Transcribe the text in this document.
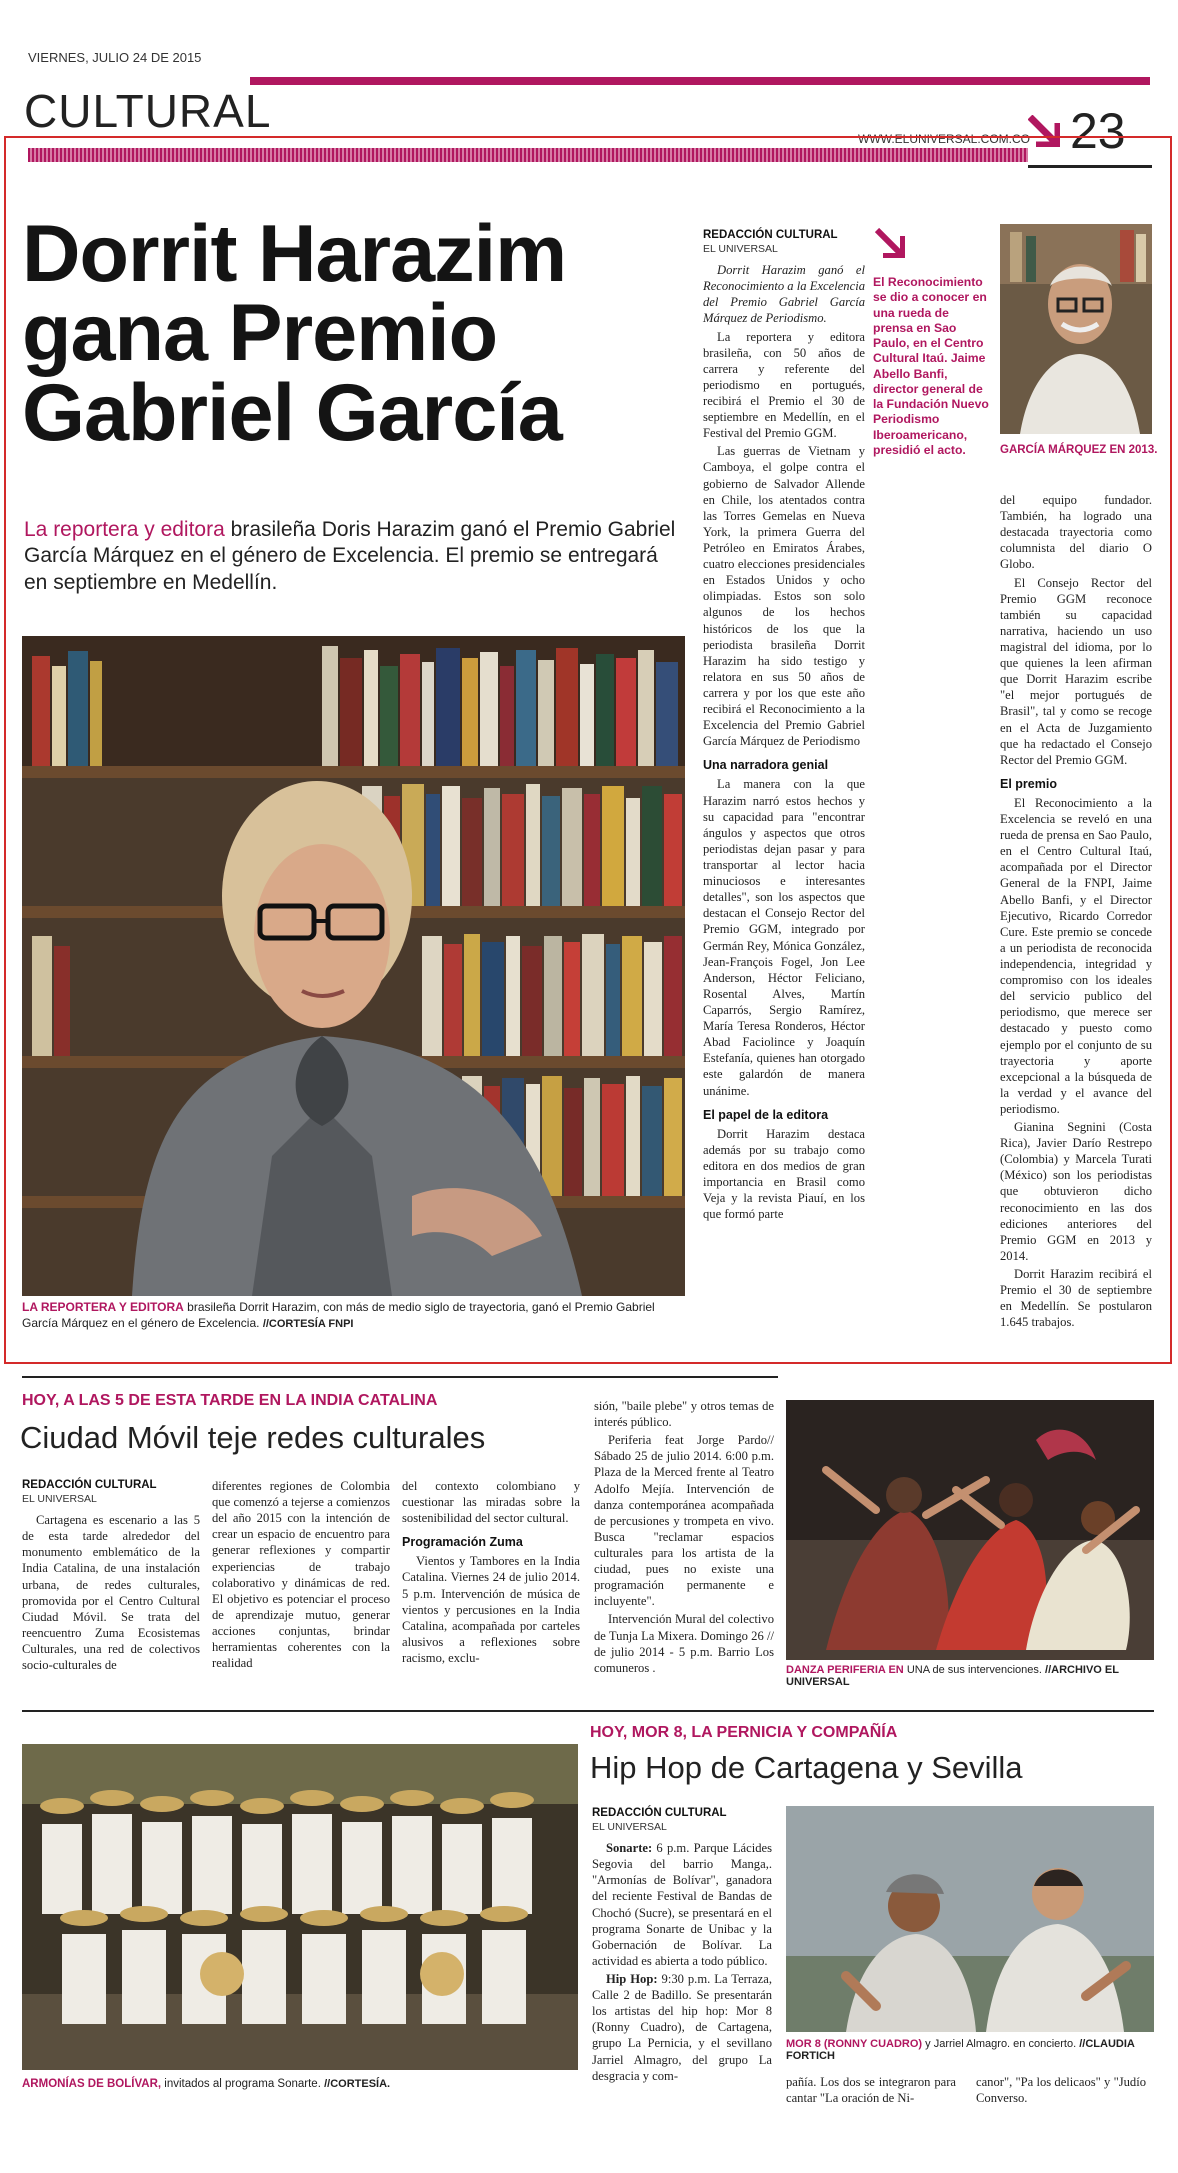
VIERNES, JULIO 24 DE 2015
CULTURAL
WWW.ELUNIVERSAL.COM.CO 23
Dorrit Harazim gana Premio Gabriel García
La reportera y editora brasileña Doris Harazim ganó el Premio Gabriel García Márquez en el género de Excelencia. El premio se entregará en septiembre en Medellín.
LA REPORTERA Y EDITORA brasileña Dorrit Harazim, con más de medio siglo de trayectoria, ganó el Premio Gabriel García Márquez en el género de Excelencia. //CORTESÍA FNPI
REDACCIÓN CULTURAL
EL UNIVERSAL

Dorrit Harazim ganó el Reconocimiento a la Excelencia del Premio Gabriel García Márquez de Periodismo.

La reportera y editora brasileña, con 50 años de carrera y referente del periodismo en portugués, recibirá el Premio el 30 de septiembre en Medellín, en el Festival del Premio GGM.

Las guerras de Vietnam y Camboya, el golpe contra el gobierno de Salvador Allende en Chile, los atentados contra las Torres Gemelas en Nueva York, la primera Guerra del Petróleo en Emiratos Árabes, cuatro elecciones presidenciales en Estados Unidos y ocho olimpiadas. Estos son solo algunos de los hechos históricos de los que la periodista brasileña Dorrit Harazim ha sido testigo y relatora en sus 50 años de carrera y por los que este año recibirá el Reconocimiento a la Excelencia del Premio Gabriel García Márquez de Periodismo

Una narradora genial

La manera con la que Harazim narró estos hechos y su capacidad para "encontrar ángulos y aspectos que otros periodistas dejan pasar y para transportar al lector hacia minuciosos e interesantes detalles", son los aspectos que destacan el Consejo Rector del Premio GGM, integrado por Germán Rey, Mónica González, Jean-François Fogel, Jon Lee Anderson, Héctor Feliciano, Rosental Alves, Martín Caparrós, Sergio Ramírez, María Teresa Ronderos, Héctor Abad Faciolince y Joaquín Estefanía, quienes han otorgado este galardón de manera unánime.

El papel de la editora

Dorrit Harazim destaca además por su trabajo como editora en dos medios de gran importancia en Brasil como Veja y la revista Piauí, en los que formó parte

El Reconocimiento se dio a conocer en una rueda de prensa en Sao Paulo, en el Centro Cultural Itaú. Jaime Abello Banfi, director general de la Fundación Nuevo Periodismo Iberoamericano, presidió el acto.	GARCÍA MÁRQUEZ EN 2013.

del equipo fundador. También, ha logrado una destacada trayectoria como columnista del diario O Globo.

El Consejo Rector del Premio GGM reconoce también su capacidad narrativa, haciendo un uso magistral del idioma, por lo que quienes la leen afirman que Dorrit Harazim escribe "el mejor portugués de Brasil", tal y como se recoge en el Acta de Juzgamiento que ha redactado el Consejo Rector del Premio GGM.

El premio

El Reconocimiento a la Excelencia se reveló en una rueda de prensa en Sao Paulo, en el Centro Cultural Itaú, acompañada por el Director General de la FNPI, Jaime Abello Banfi, y el Director Ejecutivo, Ricardo Corredor Cure. Este premio se concede a un periodista de reconocida independencia, integridad y compromiso con los ideales del servicio publico del periodismo, que merece ser destacado y puesto como ejemplo por el conjunto de su trayectoria y aporte excepcional a la búsqueda de la verdad y el avance del periodismo.

Gianina Segnini (Costa Rica), Javier Darío Restrepo (Colombia) y Marcela Turati (México) son los periodistas que obtuvieron dicho reconocimiento en las dos ediciones anteriores del Premio GGM en 2013 y 2014.

Dorrit Harazim recibirá el Premio el 30 de septiembre en Medellín. Se postularon 1.645 trabajos.

HOY, A LAS 5 DE ESTA TARDE EN LA INDIA CATALINA
Ciudad Móvil teje redes culturales
REDACCIÓN CULTURAL
EL UNIVERSAL

Cartagena es escenario a las 5 de esta tarde alrededor del monumento emblemático de la India Catalina, de una instalación urbana, de redes culturales, promovida por el Centro Cultural Ciudad Móvil. Se trata del reencuentro Zuma Ecosistemas Culturales, una red de colectivos socio-culturales de

diferentes regiones de Colombia que comenzó a tejerse a comienzos del año 2015 con la intención de crear un espacio de encuentro para generar reflexiones y compartir experiencias de trabajo colaborativo y dinámicas de red. El objetivo es potenciar el proceso de aprendizaje mutuo, generar acciones conjuntas, brindar herramientas coherentes con la realidad

del contexto colombiano y cuestionar las miradas sobre la sostenibilidad del sector cultural.

Programación Zuma

Vientos y Tambores en la India Catalina. Viernes 24 de julio 2014. 5 p.m. Intervención de música de vientos y percusiones en la India Catalina, acompañada por carteles alusivos a reflexiones sobre racismo, exclu-

sión, "baile plebe" y otros temas de interés público.

Periferia feat Jorge Pardo// Sábado 25 de julio 2014. 6:00 p.m. Plaza de la Merced frente al Teatro Adolfo Mejía. Intervención de danza contemporánea acompañada de percusiones y trompeta en vivo. Busca "reclamar espacios culturales para los artista de la ciudad, pues no existe una programación permanente e incluyente".

Intervención Mural del colectivo de Tunja La Mixera. Domingo 26 // de julio 2014 - 5 p.m. Barrio Los comuneros .	DANZA PERIFERIA EN UNA de sus intervenciones. //ARCHIVO EL UNIVERSAL
ARMONÍAS DE BOLÍVAR, invitados al programa Sonarte. //CORTESÍA.
HOY, MOR 8, LA PERNICIA Y COMPAÑÍA
Hip Hop de Cartagena y Sevilla
REDACCIÓN CULTURAL
EL UNIVERSAL

Sonarte: 6 p.m. Parque Lácides Segovia del barrio Manga,. "Armonías de Bolívar", ganadora del reciente Festival de Bandas de Chochó (Sucre), se presentará en el programa Sonarte de Unibac y la Gobernación de Bolívar. La actividad es abierta a todo público.

Hip Hop: 9:30 p.m. La Terraza, Calle 2 de Badillo. Se presentarán los artistas del hip hop: Mor 8 (Ronny Cuadro), de Cartagena, grupo La Pernicia, y el sevillano Jarriel Almagro, del grupo La desgracia y com-

MOR 8 (RONNY CUADRO) y Jarriel Almagro. en concierto. //CLAUDIA FORTICH

pañía. Los dos se integraron para cantar "La oración de Ni-

canor", "Pa los delicaos" y "Judío Converso.
